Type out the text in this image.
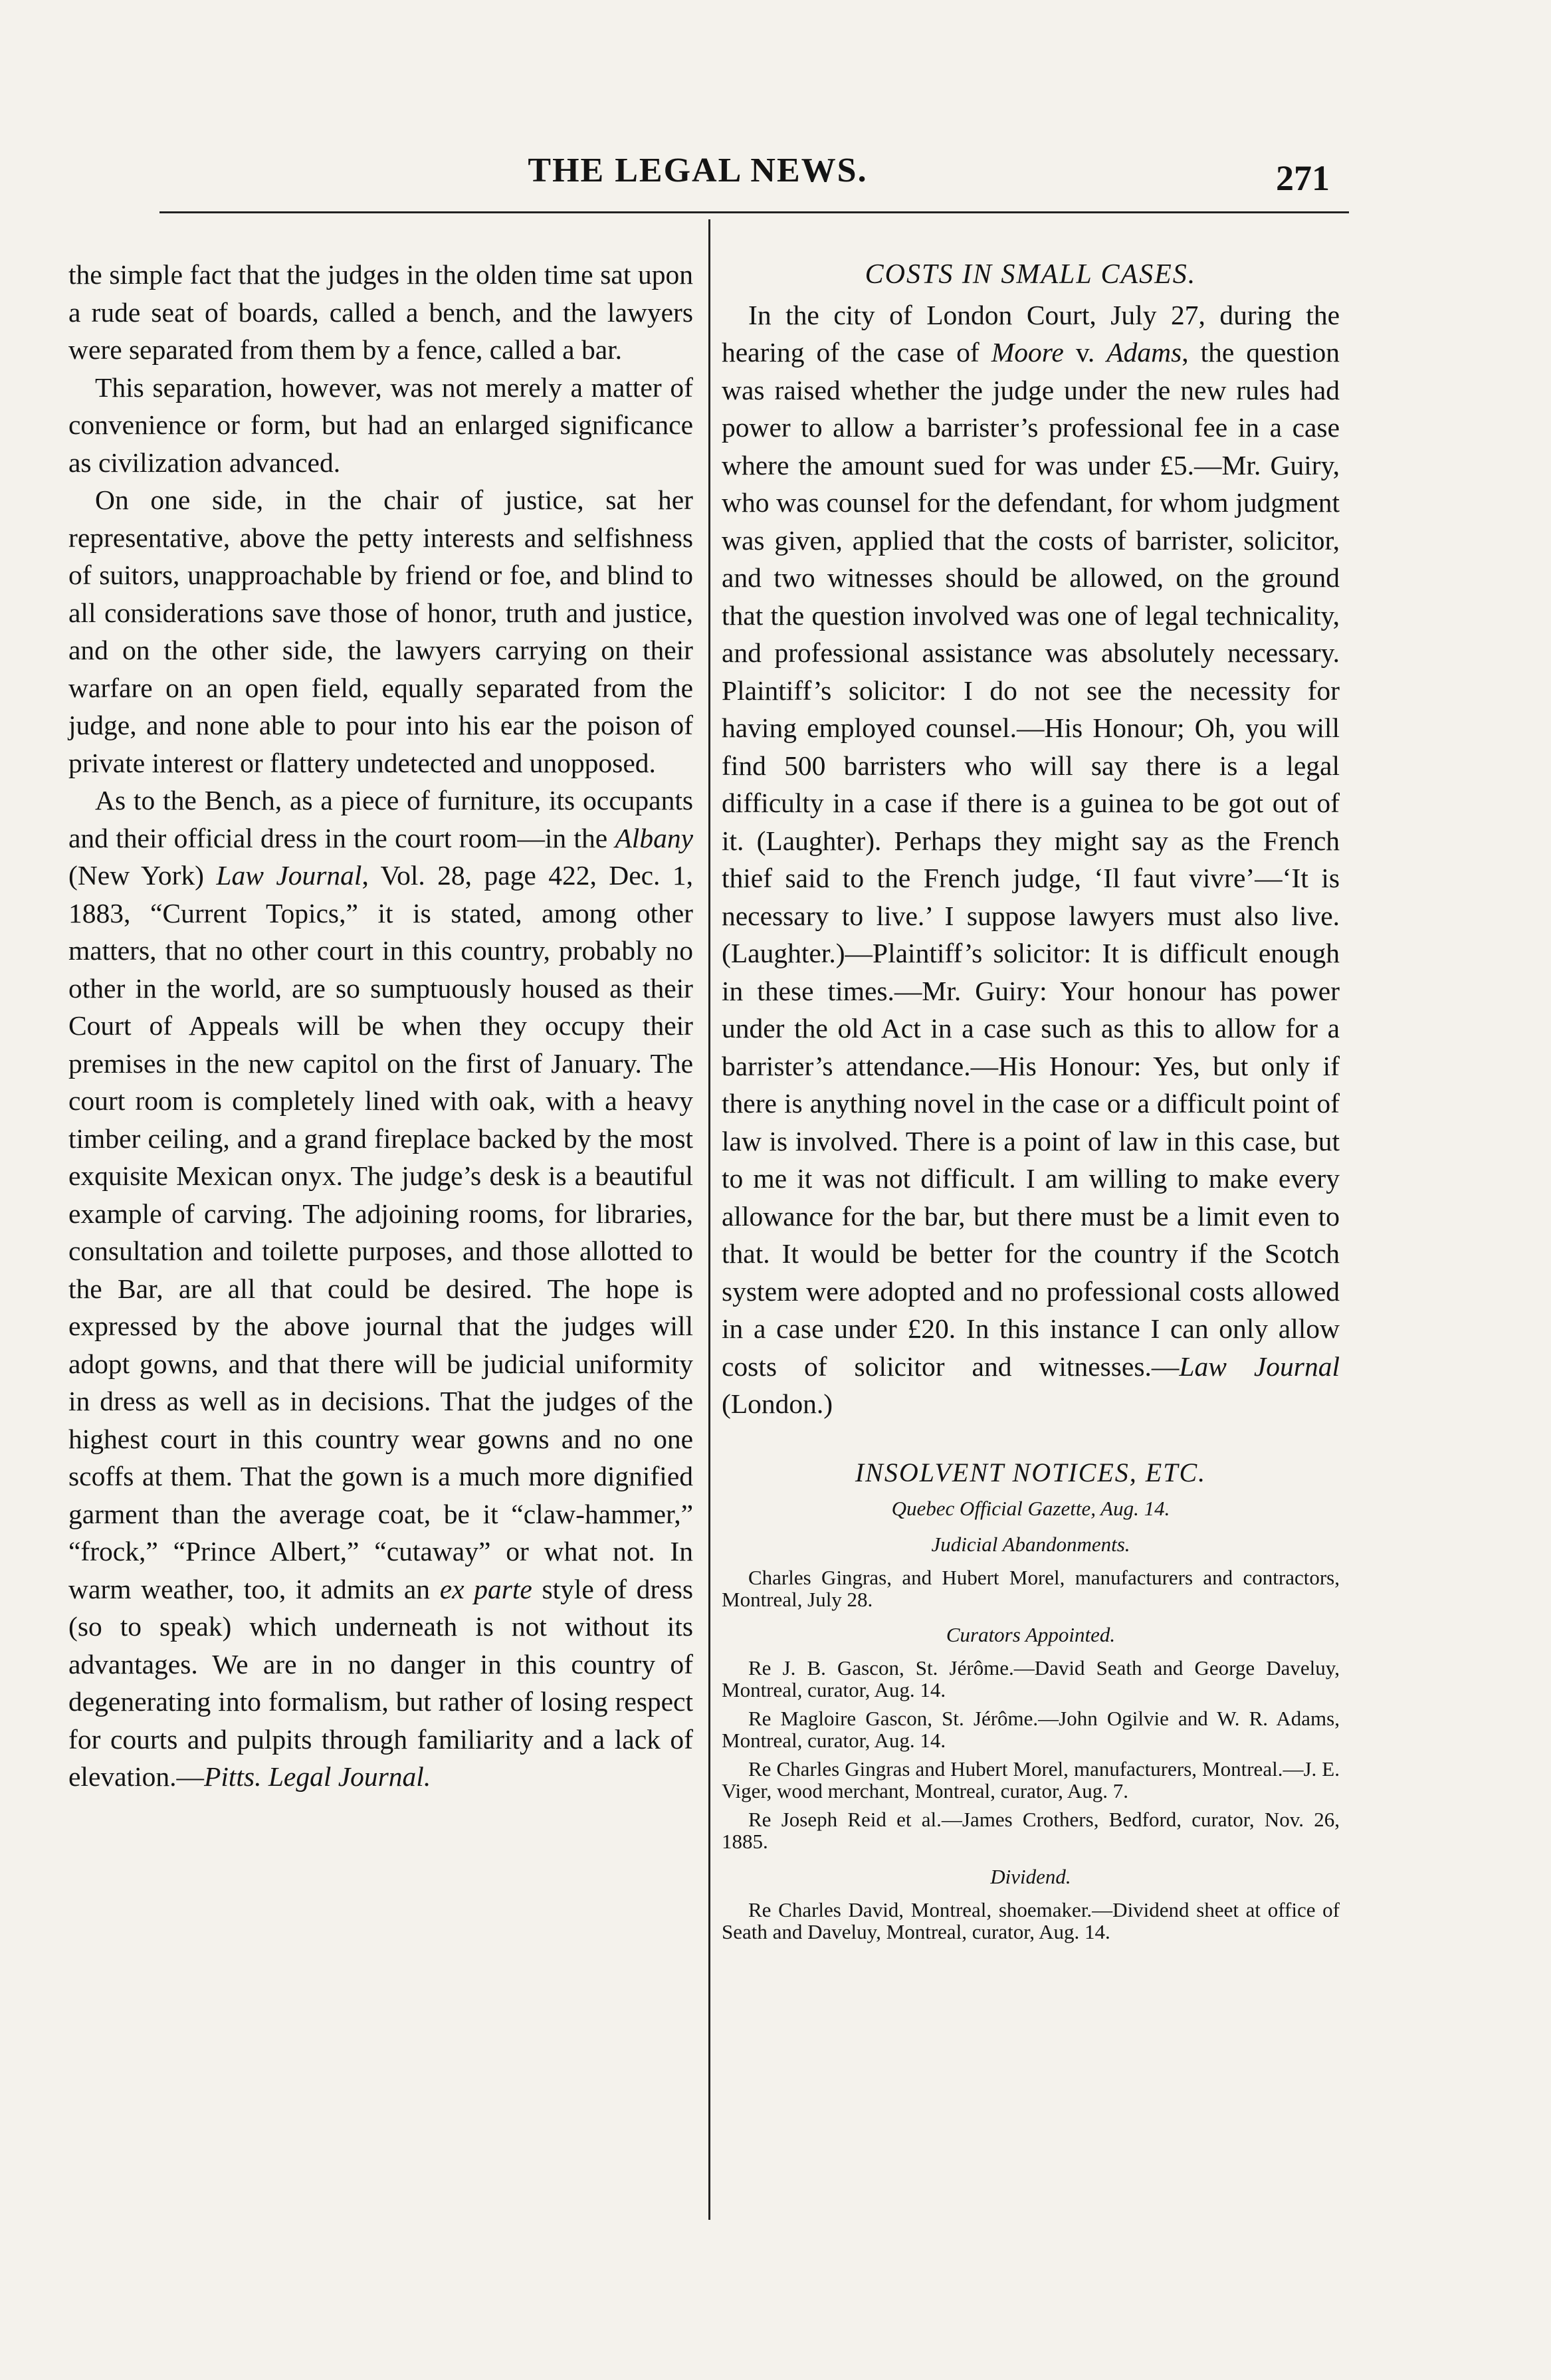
THE LEGAL NEWS.	271

the simple fact that the judges in the olden time sat upon a rude seat of boards, called a bench, and the lawyers were separated from them by a fence, called a bar.

This separation, however, was not merely a matter of convenience or form, but had an enlarged significance as civilization advanced.

On one side, in the chair of justice, sat her representative, above the petty interests and selfishness of suitors, unapproachable by friend or foe, and blind to all considerations save those of honor, truth and justice, and on the other side, the lawyers carrying on their warfare on an open field, equally separated from the judge, and none able to pour into his ear the poison of private interest or flattery undetected and unopposed.

As to the Bench, as a piece of furniture, its occupants and their official dress in the court room—in the Albany (New York) Law Journal, Vol. 28, page 422, Dec. 1, 1883, “Current Topics,” it is stated, among other matters, that no other court in this country, probably no other in the world, are so sumptuously housed as their Court of Appeals will be when they occupy their premises in the new capitol on the first of January. The court room is completely lined with oak, with a heavy timber ceiling, and a grand fireplace backed by the most exquisite Mexican onyx. The judge’s desk is a beautiful example of carving. The adjoining rooms, for libraries, consultation and toilette purposes, and those allotted to the Bar, are all that could be desired. The hope is expressed by the above journal that the judges will adopt gowns, and that there will be judicial uniformity in dress as well as in decisions. That the judges of the highest court in this country wear gowns and no one scoffs at them. That the gown is a much more dignified garment than the average coat, be it “claw-hammer,” “frock,” “Prince Albert,” “cutaway” or what not. In warm weather, too, it admits an ex parte style of dress (so to speak) which underneath is not without its advantages. We are in no danger in this country of degenerating into formalism, but rather of losing respect for courts and pulpits through familiarity and a lack of elevation.—Pitts. Legal Journal.

COSTS IN SMALL CASES.

In the city of London Court, July 27, during the hearing of the case of Moore v. Adams, the question was raised whether the judge under the new rules had power to allow a barrister’s professional fee in a case where the amount sued for was under £5.—Mr. Guiry, who was counsel for the defendant, for whom judgment was given, applied that the costs of barrister, solicitor, and two witnesses should be allowed, on the ground that the question involved was one of legal technicality, and professional assistance was absolutely necessary. Plaintiff’s solicitor: I do not see the necessity for having employed counsel.—His Honour; Oh, you will find 500 barristers who will say there is a legal difficulty in a case if there is a guinea to be got out of it. (Laughter). Perhaps they might say as the French thief said to the French judge, ‘Il faut vivre’—‘It is necessary to live.’ I suppose lawyers must also live. (Laughter.)—Plaintiff’s solicitor: It is difficult enough in these times.—Mr. Guiry: Your honour has power under the old Act in a case such as this to allow for a barrister’s attendance.—His Honour: Yes, but only if there is anything novel in the case or a difficult point of law is involved. There is a point of law in this case, but to me it was not difficult. I am willing to make every allowance for the bar, but there must be a limit even to that. It would be better for the country if the Scotch system were adopted and no professional costs allowed in a case under £20. In this instance I can only allow costs of solicitor and witnesses.—Law Journal (London.)

INSOLVENT NOTICES, ETC.
Quebec Official Gazette, Aug. 14.
Judicial Abandonments.
Charles Gingras, and Hubert Morel, manufacturers and contractors, Montreal, July 28.
Curators Appointed.
Re J. B. Gascon, St. Jérôme.—David Seath and George Daveluy, Montreal, curator, Aug. 14.
Re Magloire Gascon, St. Jérôme.—John Ogilvie and W. R. Adams, Montreal, curator, Aug. 14.
Re Charles Gingras and Hubert Morel, manufacturers, Montreal.—J. E. Viger, wood merchant, Montreal, curator, Aug. 7.
Re Joseph Reid et al.—James Crothers, Bedford, curator, Nov. 26, 1885.
Dividend.
Re Charles David, Montreal, shoemaker.—Dividend sheet at office of Seath and Daveluy, Montreal, curator, Aug. 14.
